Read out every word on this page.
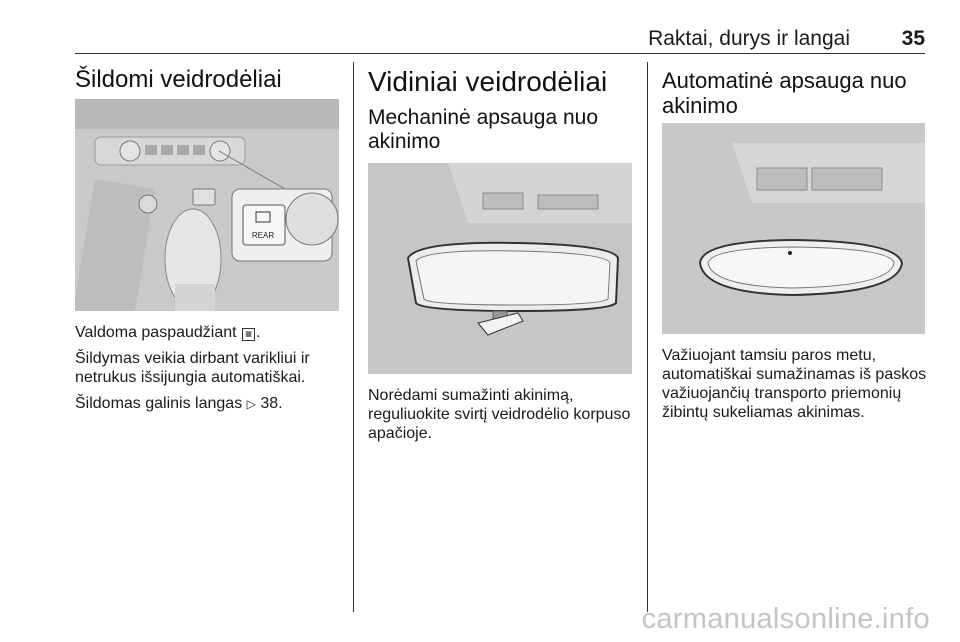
Raktai, durys ir langai 35
Šildomi veidrodėliai
REAR

Valdoma paspaudžiant ▦ .

Šildymas veikia dirbant varikliui ir netrukus išsijungia automatiškai.

Šildomas galinis langas ▷ 38.

Vidiniai veidrodėliai
Mechaninė apsauga nuo akinimo

Norėdami sumažinti akinimą, reguliuokite svirtį veidrodėlio korpuso apačioje.

Automatinė apsauga nuo akinimo

Važiuojant tamsiu paros metu, automatiškai sumažinamas iš paskos važiuojančių transporto priemonių žibintų sukeliamas akinimas.

carmanualsonline.info
